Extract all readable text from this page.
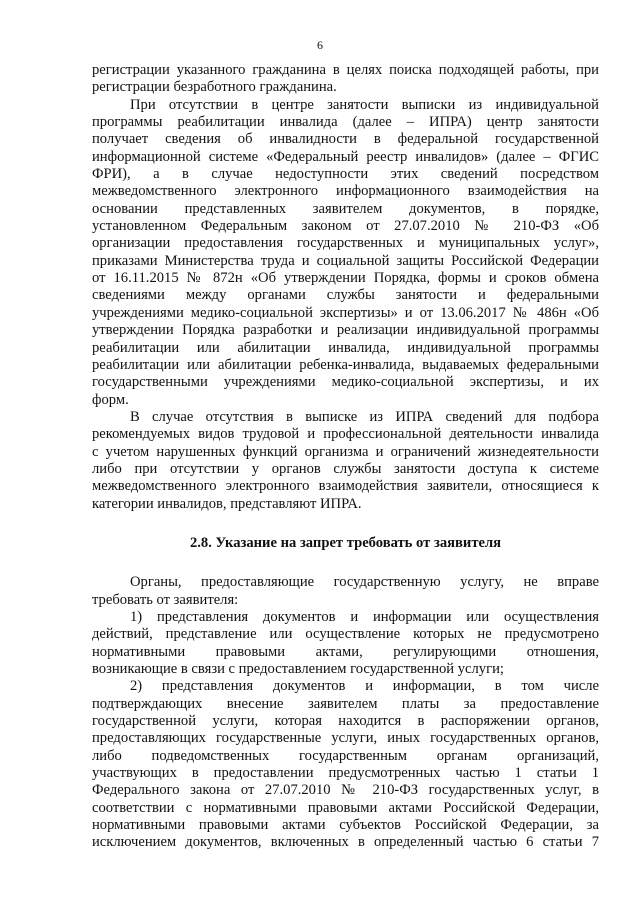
6
регистрации указанного гражданина в целях поиска подходящей работы, при
регистрации безработного гражданина.
При отсутствии в центре занятости выписки из индивидуальной
программы реабилитации инвалида (далее – ИПРА) центр занятости
получает сведения об инвалидности в федеральной государственной
информационной системе «Федеральный реестр инвалидов» (далее – ФГИС
ФРИ), а в случае недоступности этих сведений посредством
межведомственного электронного информационного взаимодействия на
основании представленных заявителем документов, в порядке,
установленном Федеральным законом от 27.07.2010 № 210-ФЗ «Об
организации предоставления государственных и муниципальных услуг»,
приказами Министерства труда и социальной защиты Российской Федерации
от 16.11.2015 № 872н «Об утверждении Порядка, формы и сроков обмена
сведениями между органами службы занятости и федеральными
учреждениями медико-социальной экспертизы» и от 13.06.2017 № 486н «Об
утверждении Порядка разработки и реализации индивидуальной программы
реабилитации или абилитации инвалида, индивидуальной программы
реабилитации или абилитации ребенка-инвалида, выдаваемых федеральными
государственными учреждениями медико-социальной экспертизы, и их
форм.
В случае отсутствия в выписке из ИПРА сведений для подбора
рекомендуемых видов трудовой и профессиональной деятельности инвалида
с учетом нарушенных функций организма и ограничений жизнедеятельности
либо при отсутствии у органов службы занятости доступа к системе
межведомственного электронного взаимодействия заявители, относящиеся к
категории инвалидов, представляют ИПРА.
2.8. Указание на запрет требовать от заявителя
Органы, предоставляющие государственную услугу, не вправе
требовать от заявителя:
1) представления документов и информации или осуществления
действий, представление или осуществление которых не предусмотрено
нормативными правовыми актами, регулирующими отношения,
возникающие в связи с предоставлением государственной услуги;
2) представления документов и информации, в том числе
подтверждающих внесение заявителем платы за предоставление
государственной услуги, которая находится в распоряжении органов,
предоставляющих государственные услуги, иных государственных органов,
либо подведомственных государственным органам организаций,
участвующих в предоставлении предусмотренных частью 1 статьи 1
Федерального закона от 27.07.2010 № 210-ФЗ государственных услуг, в
соответствии с нормативными правовыми актами Российской Федерации,
нормативными правовыми актами субъектов Российской Федерации, за
исключением документов, включенных в определенный частью 6 статьи 7
